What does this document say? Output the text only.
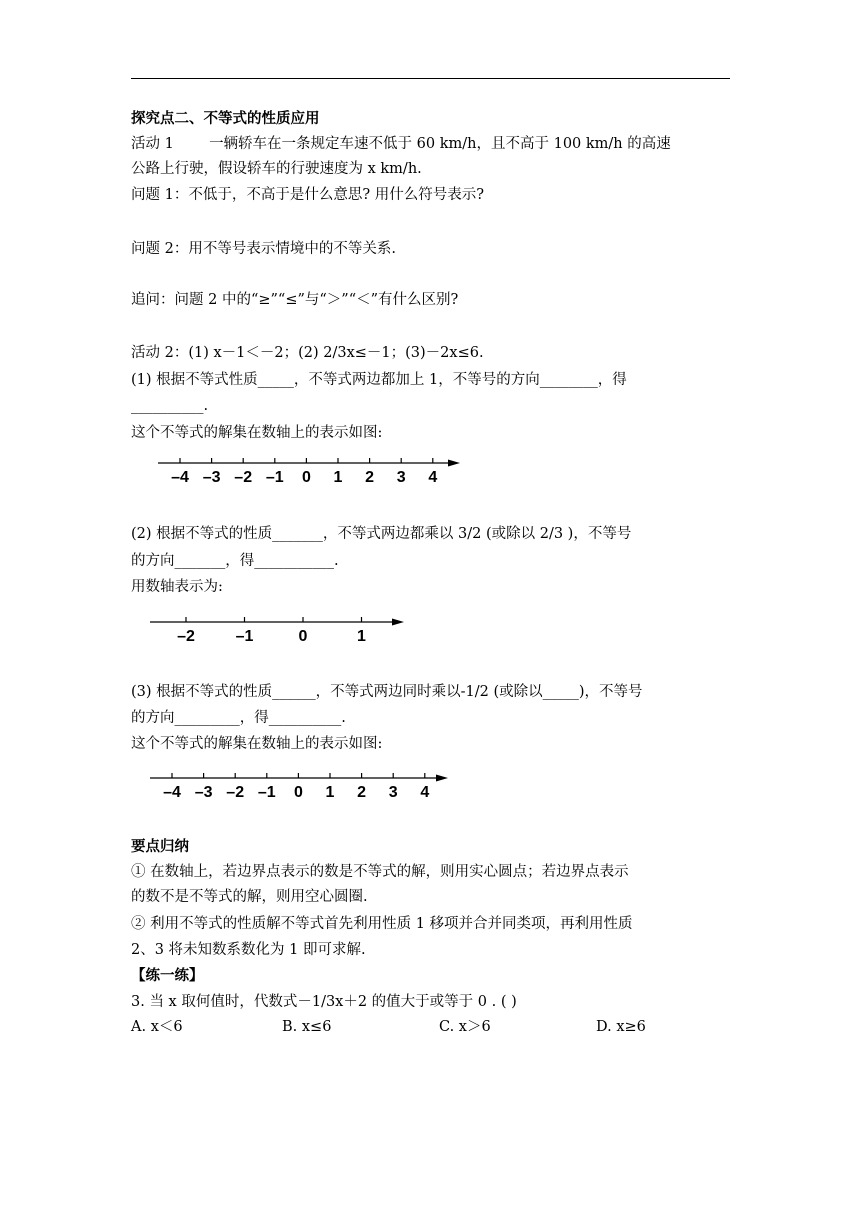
探究点二、不等式的性质应用
活动 1 一辆轿车在一条规定车速不低于 60 km/h，且不高于 100 km/h 的高速
公路上行驶，假设轿车的行驶速度为 x km/h.
问题 1：不低于，不高于是什么意思? 用什么符号表示?
问题 2：用不等号表示情境中的不等关系.
追问：问题 2 中的“≥”“≤”与“＞”“＜”有什么区别?
活动 2：(1) x－1＜－2；(2) 2/3x≤－1；(3)－2x≤6.
(1) 根据不等式性质_____，不等式两边都加上 1，不等号的方向________，得
__________.
这个不等式的解集在数轴上的表示如图:
–4 –3 –2 –1 0 1 2 3 4
(2) 根据不等式的性质_______，不等式两边都乘以 3/2 (或除以 2/3 )，不等号
的方向_______，得___________.
用数轴表示为:
–2	–1	0	1
(3) 根据不等式的性质______，不等式两边同时乘以-1/2 (或除以_____)，不等号
的方向_________，得__________.
这个不等式的解集在数轴上的表示如图:
–4 –3 –2 –1 0 1 2 3 4
要点归纳
① 在数轴上，若边界点表示的数是不等式的解，则用实心圆点；若边界点表示
的数不是不等式的解，则用空心圆圈.
② 利用不等式的性质解不等式首先利用性质 1 移项并合并同类项，再利用性质
2、3 将未知数系数化为 1 即可求解.
【练一练】
3. 当 x 取何值时，代数式－1/3x＋2 的值大于或等于 0 . ( )
A. x＜6	B. x≤6	C. x＞6	D. x≥6
